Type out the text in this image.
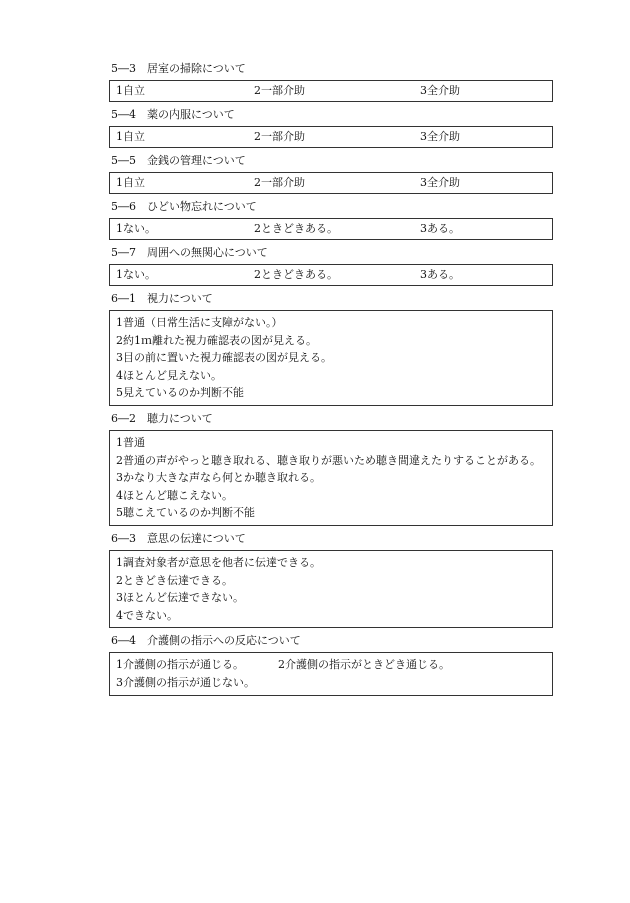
5―3　居室の掃除について
1自立	2一部介助	3全介助
5―4　薬の内服について
1自立	2一部介助	3全介助
5―5　金銭の管理について
1自立	2一部介助	3全介助
5―6　ひどい物忘れについて
1ない。	2ときどきある。	3ある。
5―7　周囲への無関心について
1ない。	2ときどきある。	3ある。
6―1　視力について
1普通（日常生活に支障がない。）
2約1ｍ離れた視力確認表の図が見える。
3目の前に置いた視力確認表の図が見える。
4ほとんど見えない。
5見えているのか判断不能
6―2　聴力について
1普通
2普通の声がやっと聴き取れる、聴き取りが悪いため聴き間違えたりすることがある。
3かなり大きな声なら何とか聴き取れる。
4ほとんど聴こえない。
5聴こえているのか判断不能
6―3　意思の伝達について
1調査対象者が意思を他者に伝達できる。
2ときどき伝達できる。
3ほとんど伝達できない。
4できない。
6―4　介護側の指示への反応について
1介護側の指示が通じる。	2介護側の指示がときどき通じる。
3介護側の指示が通じない。
